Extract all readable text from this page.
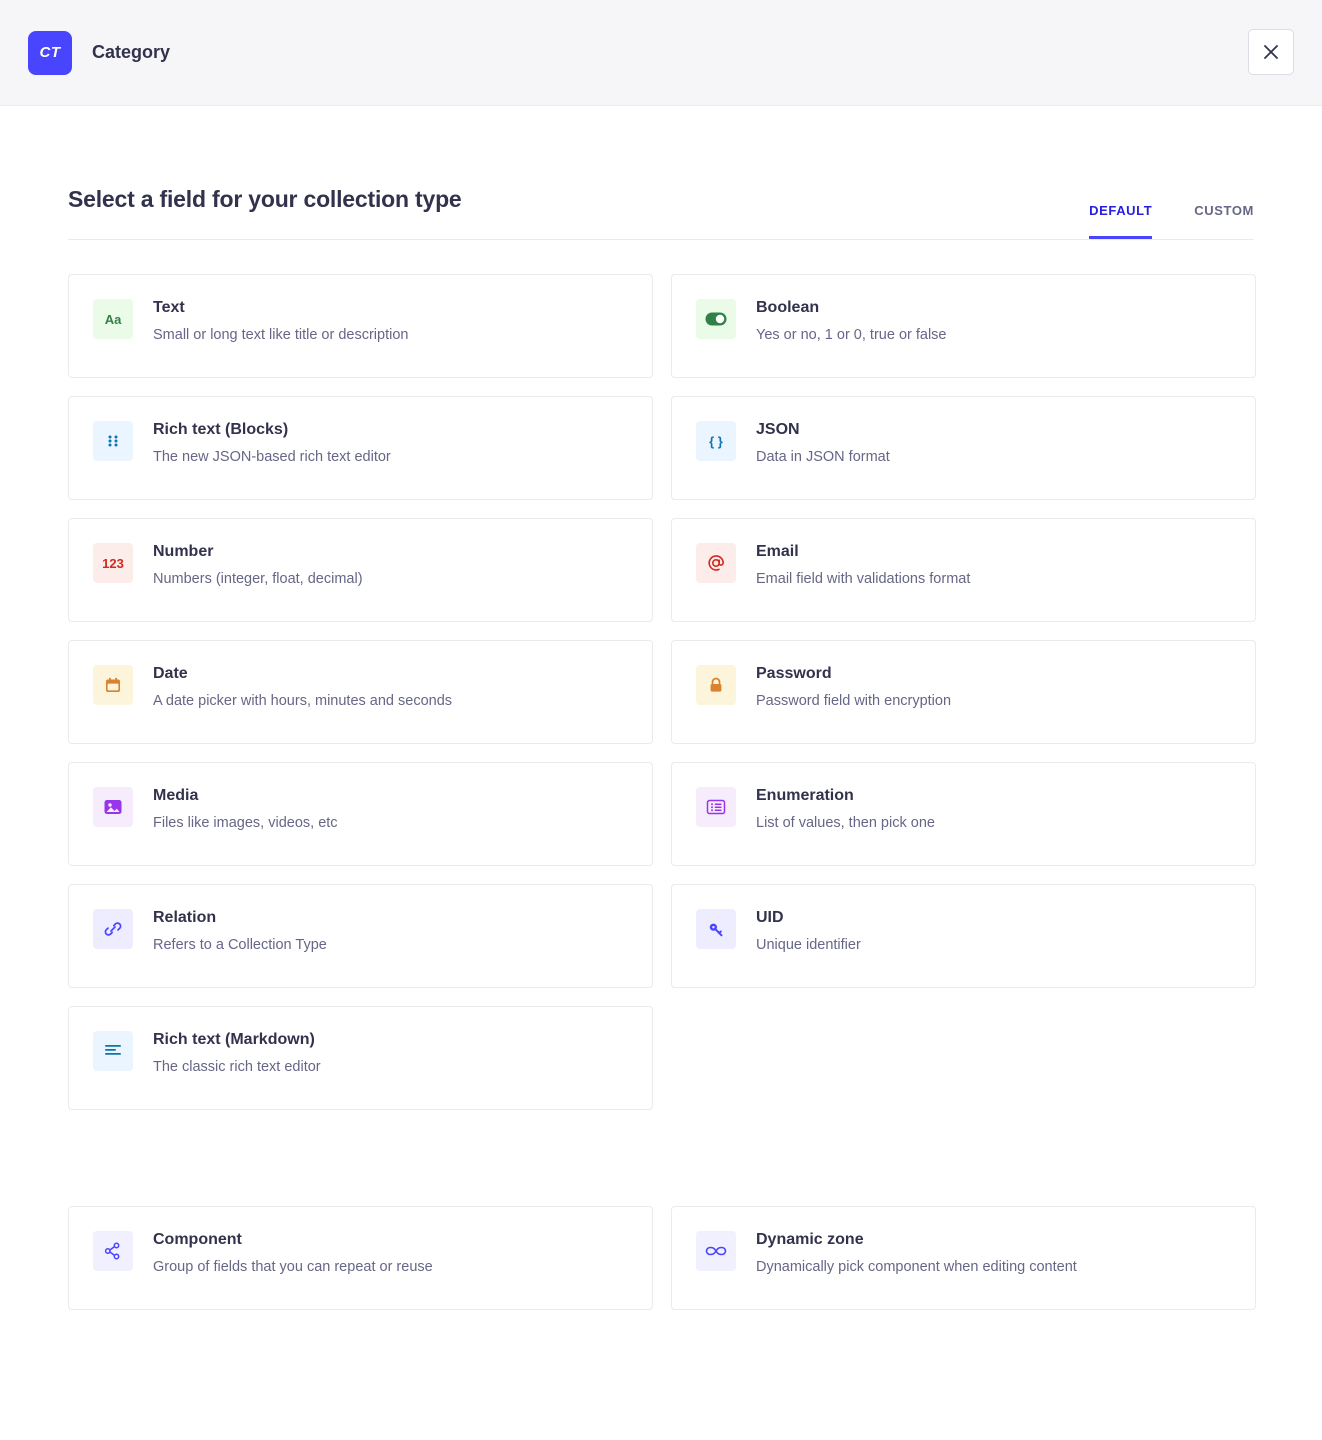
CT	Category
Select a field for your collection type	DEFAULT	CUSTOM
Aa
Text
Small or long text like title or description
Boolean
Yes or no, 1 or 0, true or false
Rich text (Blocks)
The new JSON-based rich text editor
{ }
JSON
Data in JSON format
123
Number
Numbers (integer, float, decimal)
Email
Email field with validations format
Date
A date picker with hours, minutes and seconds
Password
Password field with encryption
Media
Files like images, videos, etc
Enumeration
List of values, then pick one
Relation
Refers to a Collection Type
UID
Unique identifier
Rich text (Markdown)
The classic rich text editor
Component
Group of fields that you can repeat or reuse
Dynamic zone
Dynamically pick component when editing content
